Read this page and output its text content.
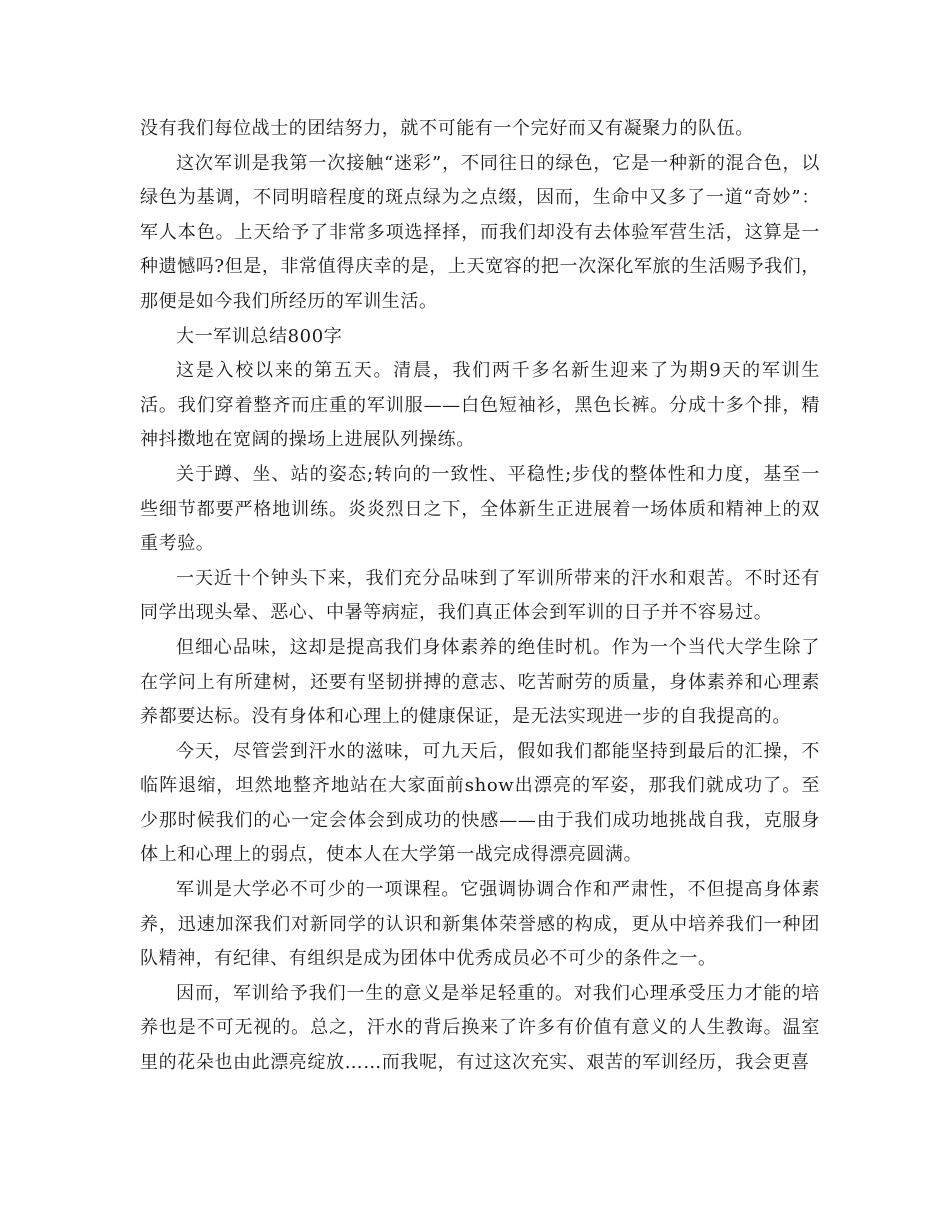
没有我们每位战士的团结努力，就不可能有一个完好而又有凝聚力的队伍。

这次军训是我第一次接触“迷彩”，不同往日的绿色，它是一种新的混合色，以绿色为基调，不同明暗程度的斑点绿为之点缀，因而，生命中又多了一道“奇妙”：军人本色。上天给予了非常多项选择择，而我们却没有去体验军营生活，这算是一种遗憾吗?但是，非常值得庆幸的是，上天宽容的把一次深化军旅的生活赐予我们，那便是如今我们所经历的军训生活。

大一军训总结800字

这是入校以来的第五天。清晨，我们两千多名新生迎来了为期9天的军训生活。我们穿着整齐而庄重的军训服——白色短袖衫，黑色长裤。分成十多个排，精神抖擞地在宽阔的操场上进展队列操练。

关于蹲、坐、站的姿态;转向的一致性、平稳性;步伐的整体性和力度，基至一些细节都要严格地训练。炎炎烈日之下，全体新生正进展着一场体质和精神上的双重考验。

一天近十个钟头下来，我们充分品味到了军训所带来的汗水和艰苦。不时还有同学出现头晕、恶心、中暑等病症，我们真正体会到军训的日子并不容易过。

但细心品味，这却是提高我们身体素养的绝佳时机。作为一个当代大学生除了在学问上有所建树，还要有坚韧拼搏的意志、吃苦耐劳的质量，身体素养和心理素养都要达标。没有身体和心理上的健康保证，是无法实现进一步的自我提高的。

今天，尽管尝到汗水的滋味，可九天后，假如我们都能坚持到最后的汇操，不临阵退缩，坦然地整齐地站在大家面前show出漂亮的军姿，那我们就成功了。至少那时候我们的心一定会体会到成功的快感——由于我们成功地挑战自我，克服身体上和心理上的弱点，使本人在大学第一战完成得漂亮圆满。

军训是大学必不可少的一项课程。它强调协调合作和严肃性，不但提高身体素养，迅速加深我们对新同学的认识和新集体荣誉感的构成，更从中培养我们一种团队精神，有纪律、有组织是成为团体中优秀成员必不可少的条件之一。

因而，军训给予我们一生的意义是举足轻重的。对我们心理承受压力才能的培养也是不可无视的。总之，汗水的背后换来了许多有价值有意义的人生教诲。温室里的花朵也由此漂亮绽放……而我呢，有过这次充实、艰苦的军训经历，我会更喜
